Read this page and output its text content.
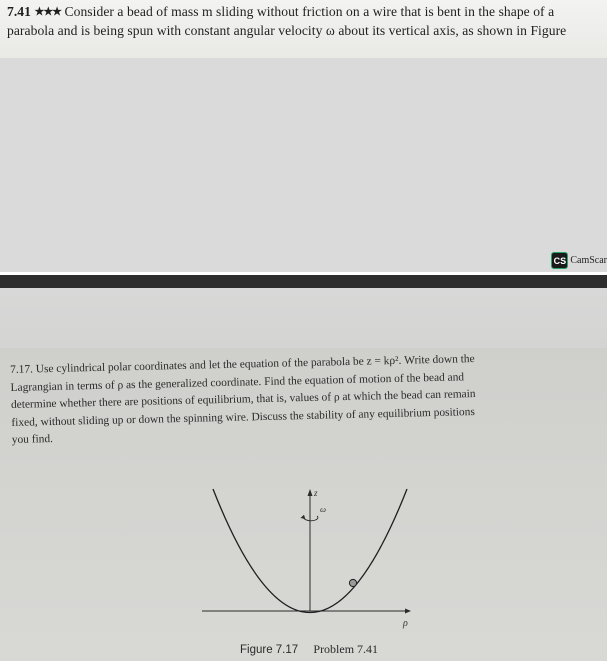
7.41 ★★★ Consider a bead of mass m sliding without friction on a wire that is bent in the shape of a
parabola and is being spun with constant angular velocity ω about its vertical axis, as shown in Figure
CS CamScar
7.17. Use cylindrical polar coordinates and let the equation of the parabola be z = kρ². Write down the
Lagrangian in terms of ρ as the generalized coordinate. Find the equation of motion of the bead and
determine whether there are positions of equilibrium, that is, values of ρ at which the bead can remain
fixed, without sliding up or down the spinning wire. Discuss the stability of any equilibrium positions
you find.
z
ω
ρ
Figure 7.17 Problem 7.41
